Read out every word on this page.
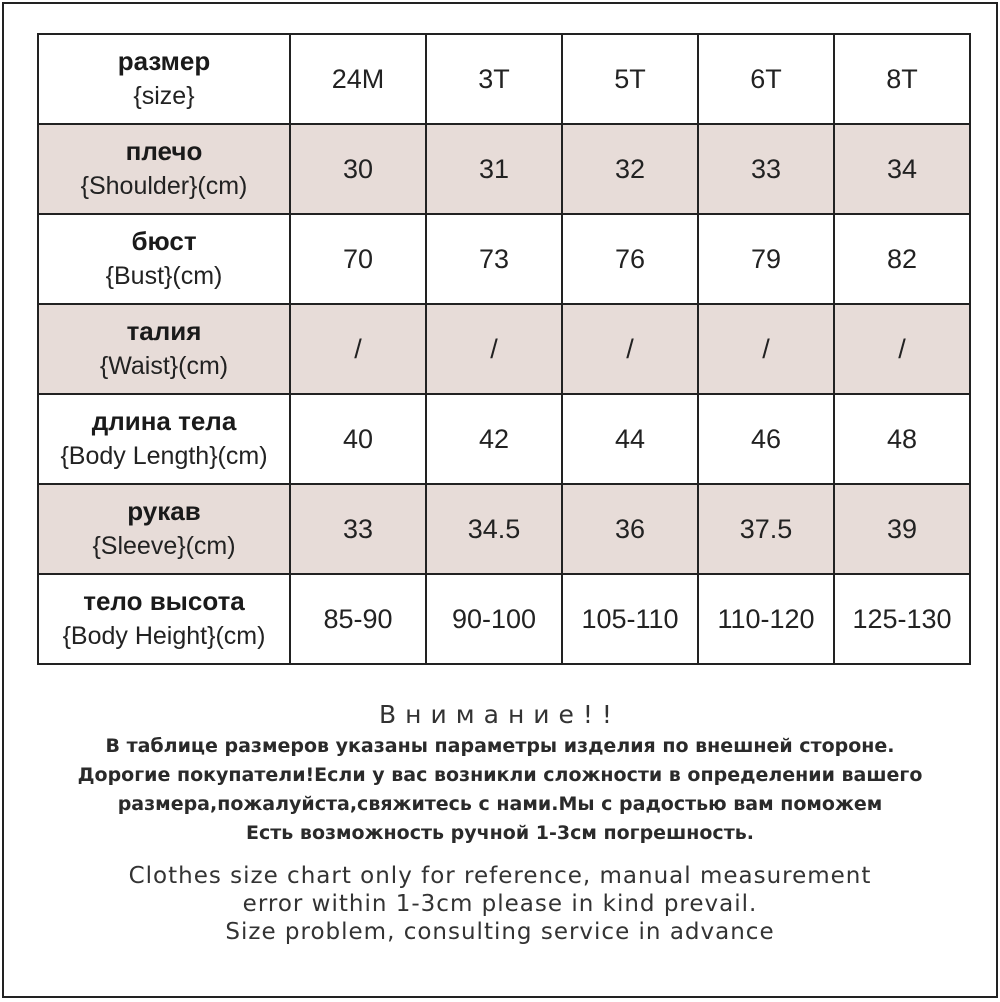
размер
{size}	24M	3T	5T	6T	8T

плечо
{Shoulder}(cm)	30	31	32	33	34

бюст
{Bust}(cm)	70	73	76	79	82

талия
{Waist}(cm)	/	/	/	/	/

длина тела
{Body Length}(cm)	40	42	44	46	48

рукав
{Sleeve}(cm)	33	34.5	36	37.5	39

тело высота
{Body Height}(cm)	85-90	90-100	105-110	110-120	125-130
Внимание!!
В таблице размеров указаны параметры изделия по внешней стороне.
Дорогие покупатели!Если у вас возникли сложности в определении вашего
размера,пожалуйста,свяжитесь с нами.Мы с радостью вам поможем
Есть возможность ручной 1-3см погрешность.
Clothes size chart only for reference, manual measurement
error within 1-3cm please in kind prevail.
Size problem, consulting service in advance
